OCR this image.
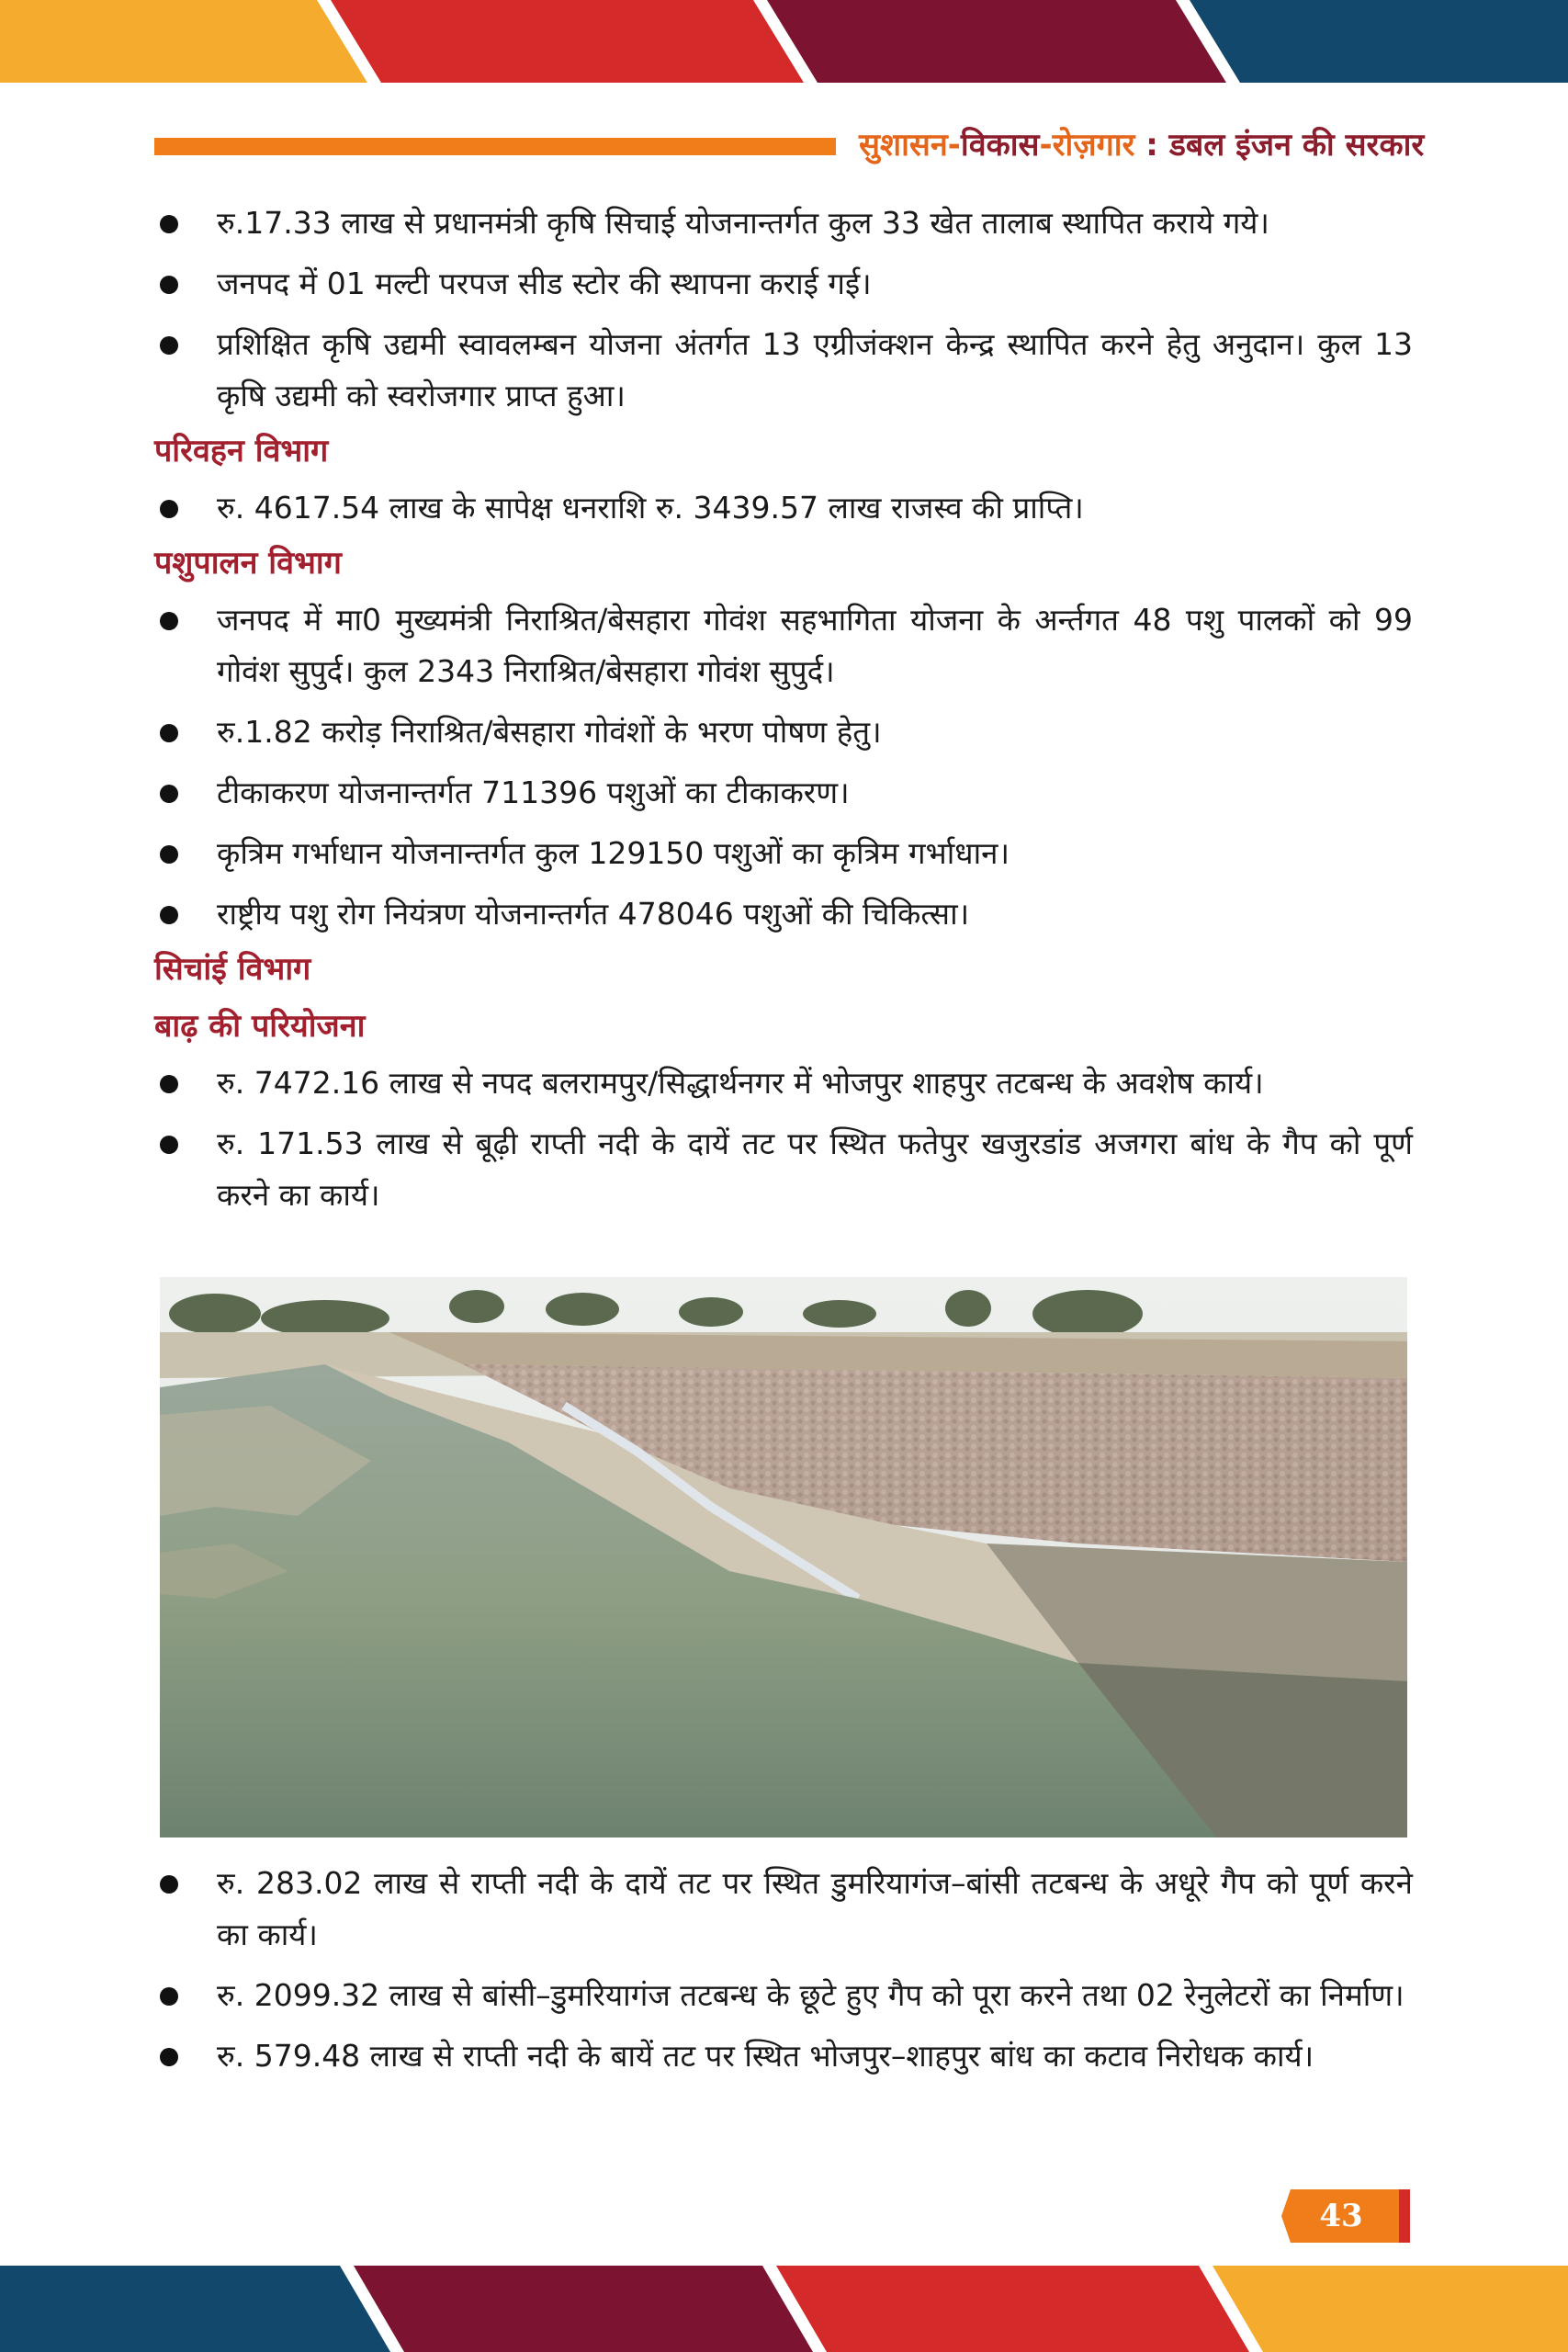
सुशासन-विकास-रोज़गार : डबल इंजन की सरकार

रु.17.33 लाख से प्रधानमंत्री कृषि सिचाई योजनान्तर्गत कुल 33 खेत तालाब स्थापित कराये गये।

जनपद में 01 मल्टी परपज सीड स्टोर की स्थापना कराई गई।

प्रशिक्षित कृषि उद्यमी स्वावलम्बन योजना अंतर्गत 13 एग्रीजंक्शन केन्द्र स्थापित करने हेतु अनुदान। कुल 13 कृषि उद्यमी को स्वरोजगार प्राप्त हुआ।

परिवहन विभाग

रु. 4617.54 लाख के सापेक्ष धनराशि रु. 3439.57 लाख राजस्व की प्राप्ति।

पशुपालन विभाग

जनपद में मा0 मुख्यमंत्री निराश्रित/बेसहारा गोवंश सहभागिता योजना के अर्न्तगत 48 पशु पालकों को 99 गोवंश सुपुर्द। कुल 2343 निराश्रित/बेसहारा गोवंश सुपुर्द।

रु.1.82 करोड़ निराश्रित/बेसहारा गोवंशों के भरण पोषण हेतु।

टीकाकरण योजनान्तर्गत 711396 पशुओं का टीकाकरण।

कृत्रिम गर्भाधान योजनान्तर्गत कुल 129150 पशुओं का कृत्रिम गर्भाधान।

राष्ट्रीय पशु रोग नियंत्रण योजनान्तर्गत 478046 पशुओं की चिकित्सा।

सिचांई विभाग
बाढ़ की परियोजना

रु. 7472.16 लाख से नपद बलरामपुर/सिद्धार्थनगर में भोजपुर शाहपुर तटबन्ध के अवशेष कार्य।

रु. 171.53 लाख से बूढ़ी राप्ती नदी के दायें तट पर स्थित फतेपुर खजुरडांड अजगरा बांध के गैप को पूर्ण करने का कार्य।

रु. 283.02 लाख से राप्ती नदी के दायें तट पर स्थित डुमरियागंज–बांसी तटबन्ध के अधूरे गैप को पूर्ण करने का कार्य।

रु. 2099.32 लाख से बांसी–डुमरियागंज तटबन्ध के छूटे हुए गैप को पूरा करने तथा 02 रेनुलेटरों का निर्माण।

रु. 579.48 लाख से राप्ती नदी के बायें तट पर स्थित भोजपुर–शाहपुर बांध का कटाव निरोधक कार्य।

43
